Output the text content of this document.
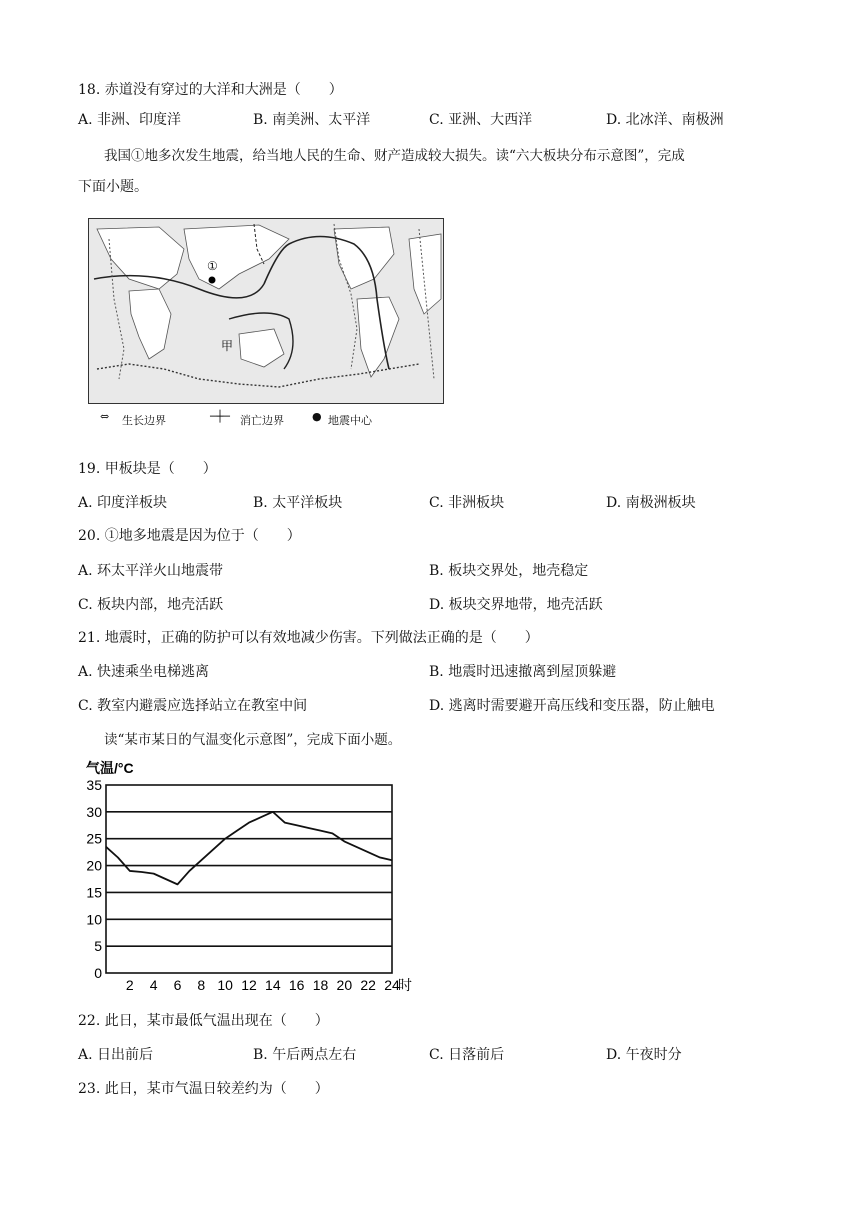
18. 赤道没有穿过的大洋和大洲是（　　）
A. 非洲、印度洋	B. 南美洲、太平洋	C. 亚洲、大西洋	D. 北冰洋、南极洲
我国①地多次发生地震，给当地人民的生命、财产造成较大损失。读“六大板块分布示意图”，完成
下面小题。
①
甲
⇔ 生长边界	─┼─ 消亡边界	● 地震中心
19. 甲板块是（　　）
A. 印度洋板块	B. 太平洋板块	C. 非洲板块	D. 南极洲板块
20. ①地多地震是因为位于（　　）
A. 环太平洋火山地震带	B. 板块交界处，地壳稳定
C. 板块内部，地壳活跃	D. 板块交界地带，地壳活跃
21. 地震时，正确的防护可以有效地减少伤害。下列做法正确的是（　　）
A. 快速乘坐电梯逃离	B. 地震时迅速撤离到屋顶躲避
C. 教室内避震应选择站立在教室中间	D. 逃离时需要避开高压线和变压器，防止触电
读“某市某日的气温变化示意图”，完成下面小题。
0
5
10
15
20
25
30
35
2 4 6 8 10 12 14 16 18 20 22 24
气温/°C
时
22. 此日，某市最低气温出现在（　　）
A. 日出前后	B. 午后两点左右	C. 日落前后	D. 午夜时分
23. 此日，某市气温日较差约为（　　）
